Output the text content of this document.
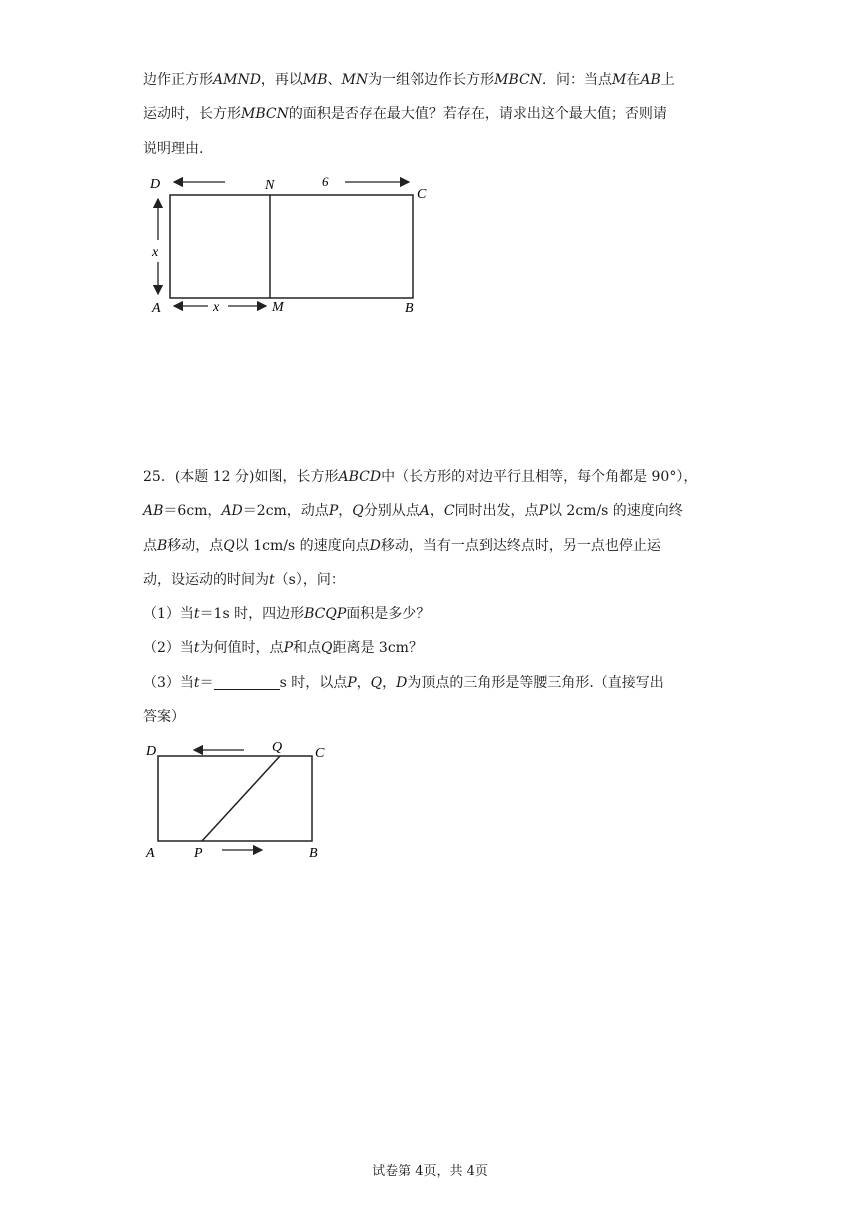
边作正方形AMND，再以MB、MN为一组邻边作长方形MBCN．问：当点M在AB上
运动时，长方形MBCN的面积是否存在最大值？若存在，请求出这个最大值；否则请
说明理由.
D	N	6
C
x
A	x	M	B
25．(本题 12 分)如图，长方形ABCD中（长方形的对边平行且相等，每个角都是 90°），
AB＝6cm，AD＝2cm，动点P，Q分别从点A，C同时出发，点P以 2cm/s 的速度向终
点B移动，点Q以 1cm/s 的速度向点D移动，当有一点到达终点时，另一点也停止运
动，设运动的时间为t（s），问：
（1）当t＝1s 时，四边形BCQP面积是多少？
（2）当t为何值时，点P和点Q距离是 3cm？
（3）当t＝	s 时，以点P，Q，D为顶点的三角形是等腰三角形.（直接写出
答案）
D	Q C
A	P	B
试卷第 4页，共 4页
